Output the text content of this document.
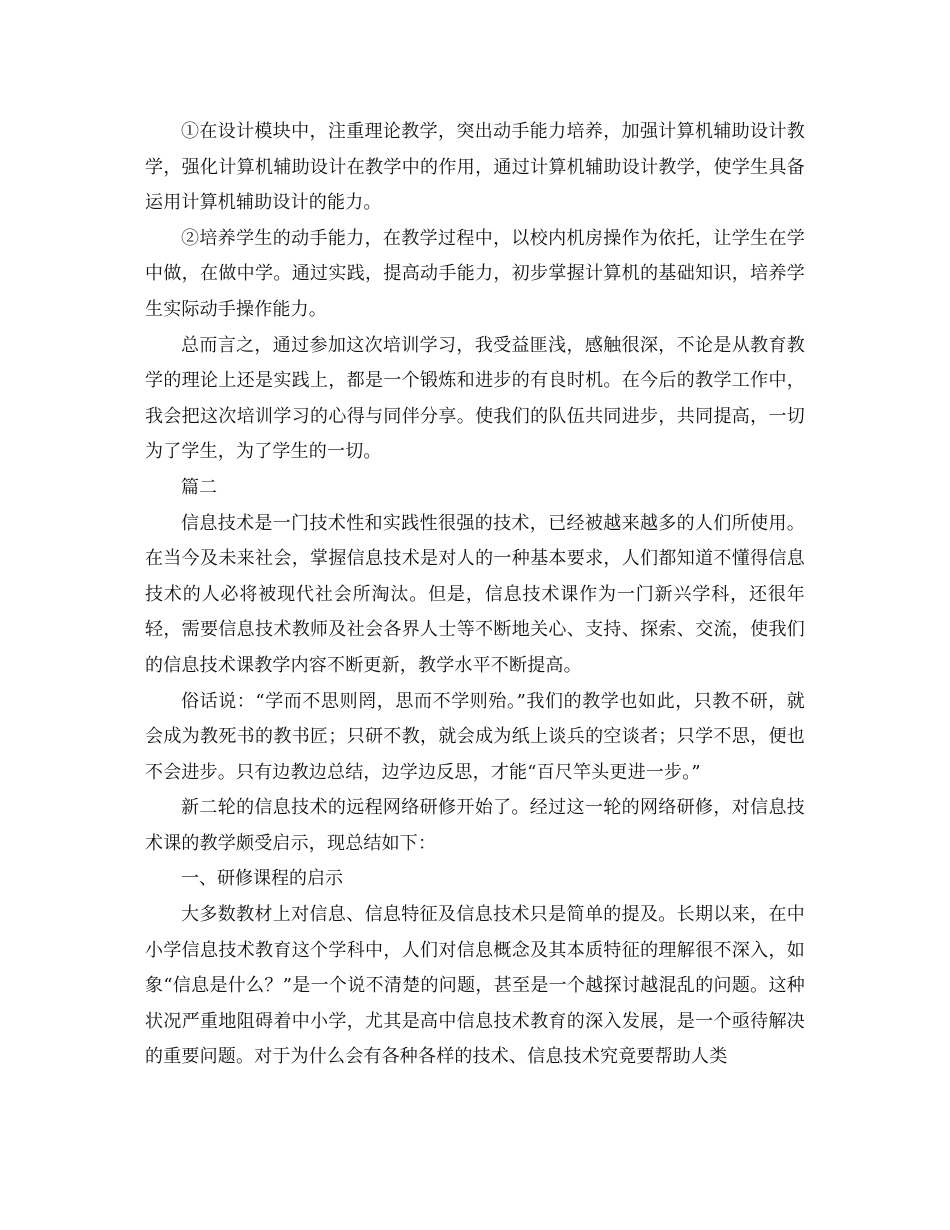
①在设计模块中，注重理论教学，突出动手能力培养，加强计算机辅助设计教学，强化计算机辅助设计在教学中的作用，通过计算机辅助设计教学，使学生具备运用计算机辅助设计的能力。

②培养学生的动手能力，在教学过程中，以校内机房操作为依托，让学生在学中做，在做中学。通过实践，提高动手能力，初步掌握计算机的基础知识，培养学生实际动手操作能力。

总而言之，通过参加这次培训学习，我受益匪浅，感触很深，不论是从教育教学的理论上还是实践上，都是一个锻炼和进步的有良时机。在今后的教学工作中，我会把这次培训学习的心得与同伴分享。使我们的队伍共同进步，共同提高，一切为了学生，为了学生的一切。

篇二

信息技术是一门技术性和实践性很强的技术，已经被越来越多的人们所使用。在当今及未来社会，掌握信息技术是对人的一种基本要求，人们都知道不懂得信息技术的人必将被现代社会所淘汰。但是，信息技术课作为一门新兴学科，还很年轻，需要信息技术教师及社会各界人士等不断地关心、支持、探索、交流，使我们的信息技术课教学内容不断更新，教学水平不断提高。

俗话说：“学而不思则罔，思而不学则殆。”我们的教学也如此，只教不研，就会成为教死书的教书匠；只研不教，就会成为纸上谈兵的空谈者；只学不思，便也不会进步。只有边教边总结，边学边反思，才能“百尺竿头更进一步。”

新二轮的信息技术的远程网络研修开始了。经过这一轮的网络研修，对信息技术课的教学颇受启示，现总结如下：

一、研修课程的启示

大多数教材上对信息、信息特征及信息技术只是简单的提及。长期以来，在中小学信息技术教育这个学科中，人们对信息概念及其本质特征的理解很不深入，如象“信息是什么？”是一个说不清楚的问题，甚至是一个越探讨越混乱的问题。这种状况严重地阻碍着中小学，尤其是高中信息技术教育的深入发展，是一个亟待解决的重要问题。对于为什么会有各种各样的技术、信息技术究竟要帮助人类
